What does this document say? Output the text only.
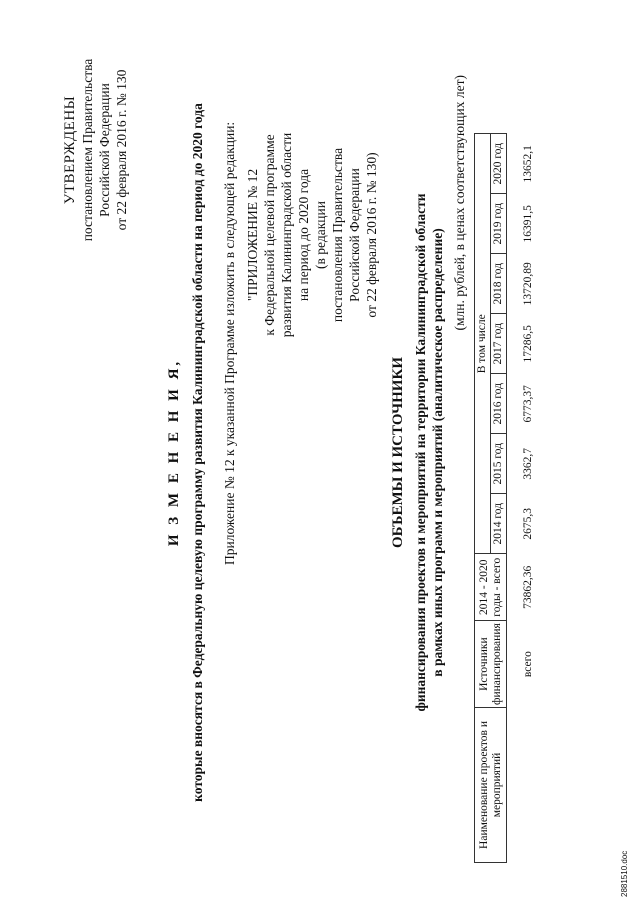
УТВЕРЖДЕНЫ постановлением Правительства Российской Федерации от 22 февраля 2016 г. № 130
И З М Е Н Е Н И Я, которые вносятся в Федеральную целевую программу развития Калининградской области на период до 2020 года Приложение № 12 к указанной Программе изложить в следующей редакции: "ПРИЛОЖЕНИЕ № 12 к Федеральной целевой программе развития Калининградской области на период до 2020 года (в редакции постановления Правительства Российской Федерации от 22 февраля 2016 г. № 130)
ОБЪЕМЫ И ИСТОЧНИКИ финансирования проектов и мероприятий на территории Калининградской области в рамках иных программ и мероприятий (аналитическое распределение)
(млн. рублей, в ценах соответствующих лет)
Наименование проектов и мероприятий	Источники финансирования	2014 - 2020 годы - всего	В том числе						
			2014 год	2015 год	2016 год	2017 год	2018 год	2019 год	2020 год
	всего	73862,36	2675,3	3362,7	6773,37	17286,5	13720,89	16391,5	13652,1
2881510.doc
